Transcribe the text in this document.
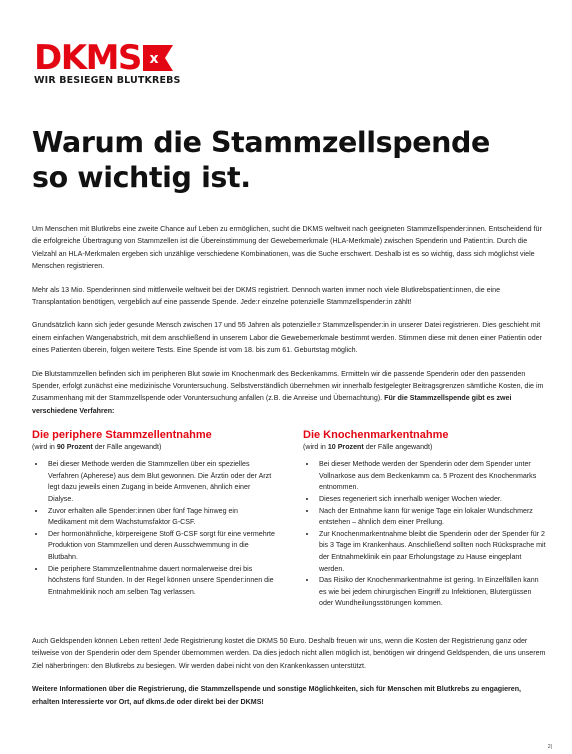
DKMS x
WIR BESIEGEN BLUTKREBS
Warum die Stammzellspende
so wichtig ist.

Um Menschen mit Blutkrebs eine zweite Chance auf Leben zu ermöglichen, sucht die DKMS weltweit nach geeigneten Stammzellspender:innen. Entscheidend für die erfolgreiche Übertragung von Stammzellen ist die Übereinstimmung der Gewebemerkmale (HLA-Merkmale) zwischen Spenderin und Patient:in. Durch die Vielzahl an HLA-Merkmalen ergeben sich unzählige verschiedene Kombinationen, was die Suche erschwert. Deshalb ist es so wichtig, dass sich möglichst viele Menschen registrieren.

Mehr als 13 Mio. Spenderinnen sind mittlerweile weltweit bei der DKMS registriert. Dennoch warten immer noch viele Blutkrebspatient:innen, die eine Transplantation benötigen, vergeblich auf eine passende Spende. Jede:r einzelne potenzielle Stammzellspender:in zählt!

Grundsätzlich kann sich jeder gesunde Mensch zwischen 17 und 55 Jahren als potenzielle:r Stammzellspender:in in unserer Datei registrieren. Dies geschieht mit einem einfachen Wangenabstrich, mit dem anschließend in unserem Labor die Gewebemerkmale bestimmt werden. Stimmen diese mit denen einer Patientin oder eines Patienten überein, folgen weitere Tests. Eine Spende ist vom 18. bis zum 61. Geburtstag möglich.

Die Blutstammzellen befinden sich im peripheren Blut sowie im Knochenmark des Beckenkamms. Ermitteln wir die passende Spenderin oder den passenden Spender, erfolgt zunächst eine medizinische Voruntersuchung. Selbstverständlich übernehmen wir innerhalb festgelegter Beitragsgrenzen sämtliche Kosten, die im Zusammenhang mit der Stammzellspende oder Voruntersuchung anfallen (z.B. die Anreise und Übernachtung). Für die Stammzellspende gibt es zwei verschiedene Verfahren:

Die periphere Stammzellentnahme
(wird in 90 Prozent der Fälle angewandt)
• Bei dieser Methode werden die Stammzellen über ein spezielles Verfahren (Apherese) aus dem Blut gewonnen. Die Ärztin oder der Arzt legt dazu jeweils einen Zugang in beide Armvenen, ähnlich einer Dialyse.
• Zuvor erhalten alle Spender:innen über fünf Tage hinweg ein Medikament mit dem Wachstumsfaktor G-CSF.
• Der hormonähnliche, körpereigene Stoff G-CSF sorgt für eine vermehrte Produktion von Stammzellen und deren Ausschwemmung in die Blutbahn.
• Die periphere Stammzellentnahme dauert normalerweise drei bis höchstens fünf Stunden. In der Regel können unsere Spender:innen die Entnahmeklinik noch am selben Tag verlassen.
Die Knochenmarkentnahme
(wird in 10 Prozent der Fälle angewandt)
• Bei dieser Methode werden der Spenderin oder dem Spender unter Vollnarkose aus dem Beckenkamm ca. 5 Prozent des Knochenmarks entnommen.
• Dieses regeneriert sich innerhalb weniger Wochen wieder.
• Nach der Entnahme kann für wenige Tage ein lokaler Wundschmerz entstehen – ähnlich dem einer Prellung.
• Zur Knochenmarkentnahme bleibt die Spenderin oder der Spender für 2 bis 3 Tage im Krankenhaus. Anschließend sollten noch Rücksprache mit der Entnahmeklinik ein paar Erholungstage zu Hause eingeplant werden.
• Das Risiko der Knochenmarkentnahme ist gering. In Einzelfällen kann es wie bei jedem chirurgischen Eingriff zu Infektionen, Blutergüssen oder Wundheilungsstörungen kommen.

Auch Geldspenden können Leben retten! Jede Registrierung kostet die DKMS 50 Euro. Deshalb freuen wir uns, wenn die Kosten der Registrierung ganz oder teilweise von der Spenderin oder dem Spender übernommen werden. Da dies jedoch nicht allen möglich ist, benötigen wir dringend Geldspenden, die uns unserem Ziel näherbringen: den Blutkrebs zu besiegen. Wir werden dabei nicht von den Krankenkassen unterstützt.

Weitere Informationen über die Registrierung, die Stammzellspende und sonstige Möglichkeiten, sich für Menschen mit Blutkrebs zu engagieren, erhalten Interessierte vor Ort, auf dkms.de oder direkt bei der DKMS!

2|
